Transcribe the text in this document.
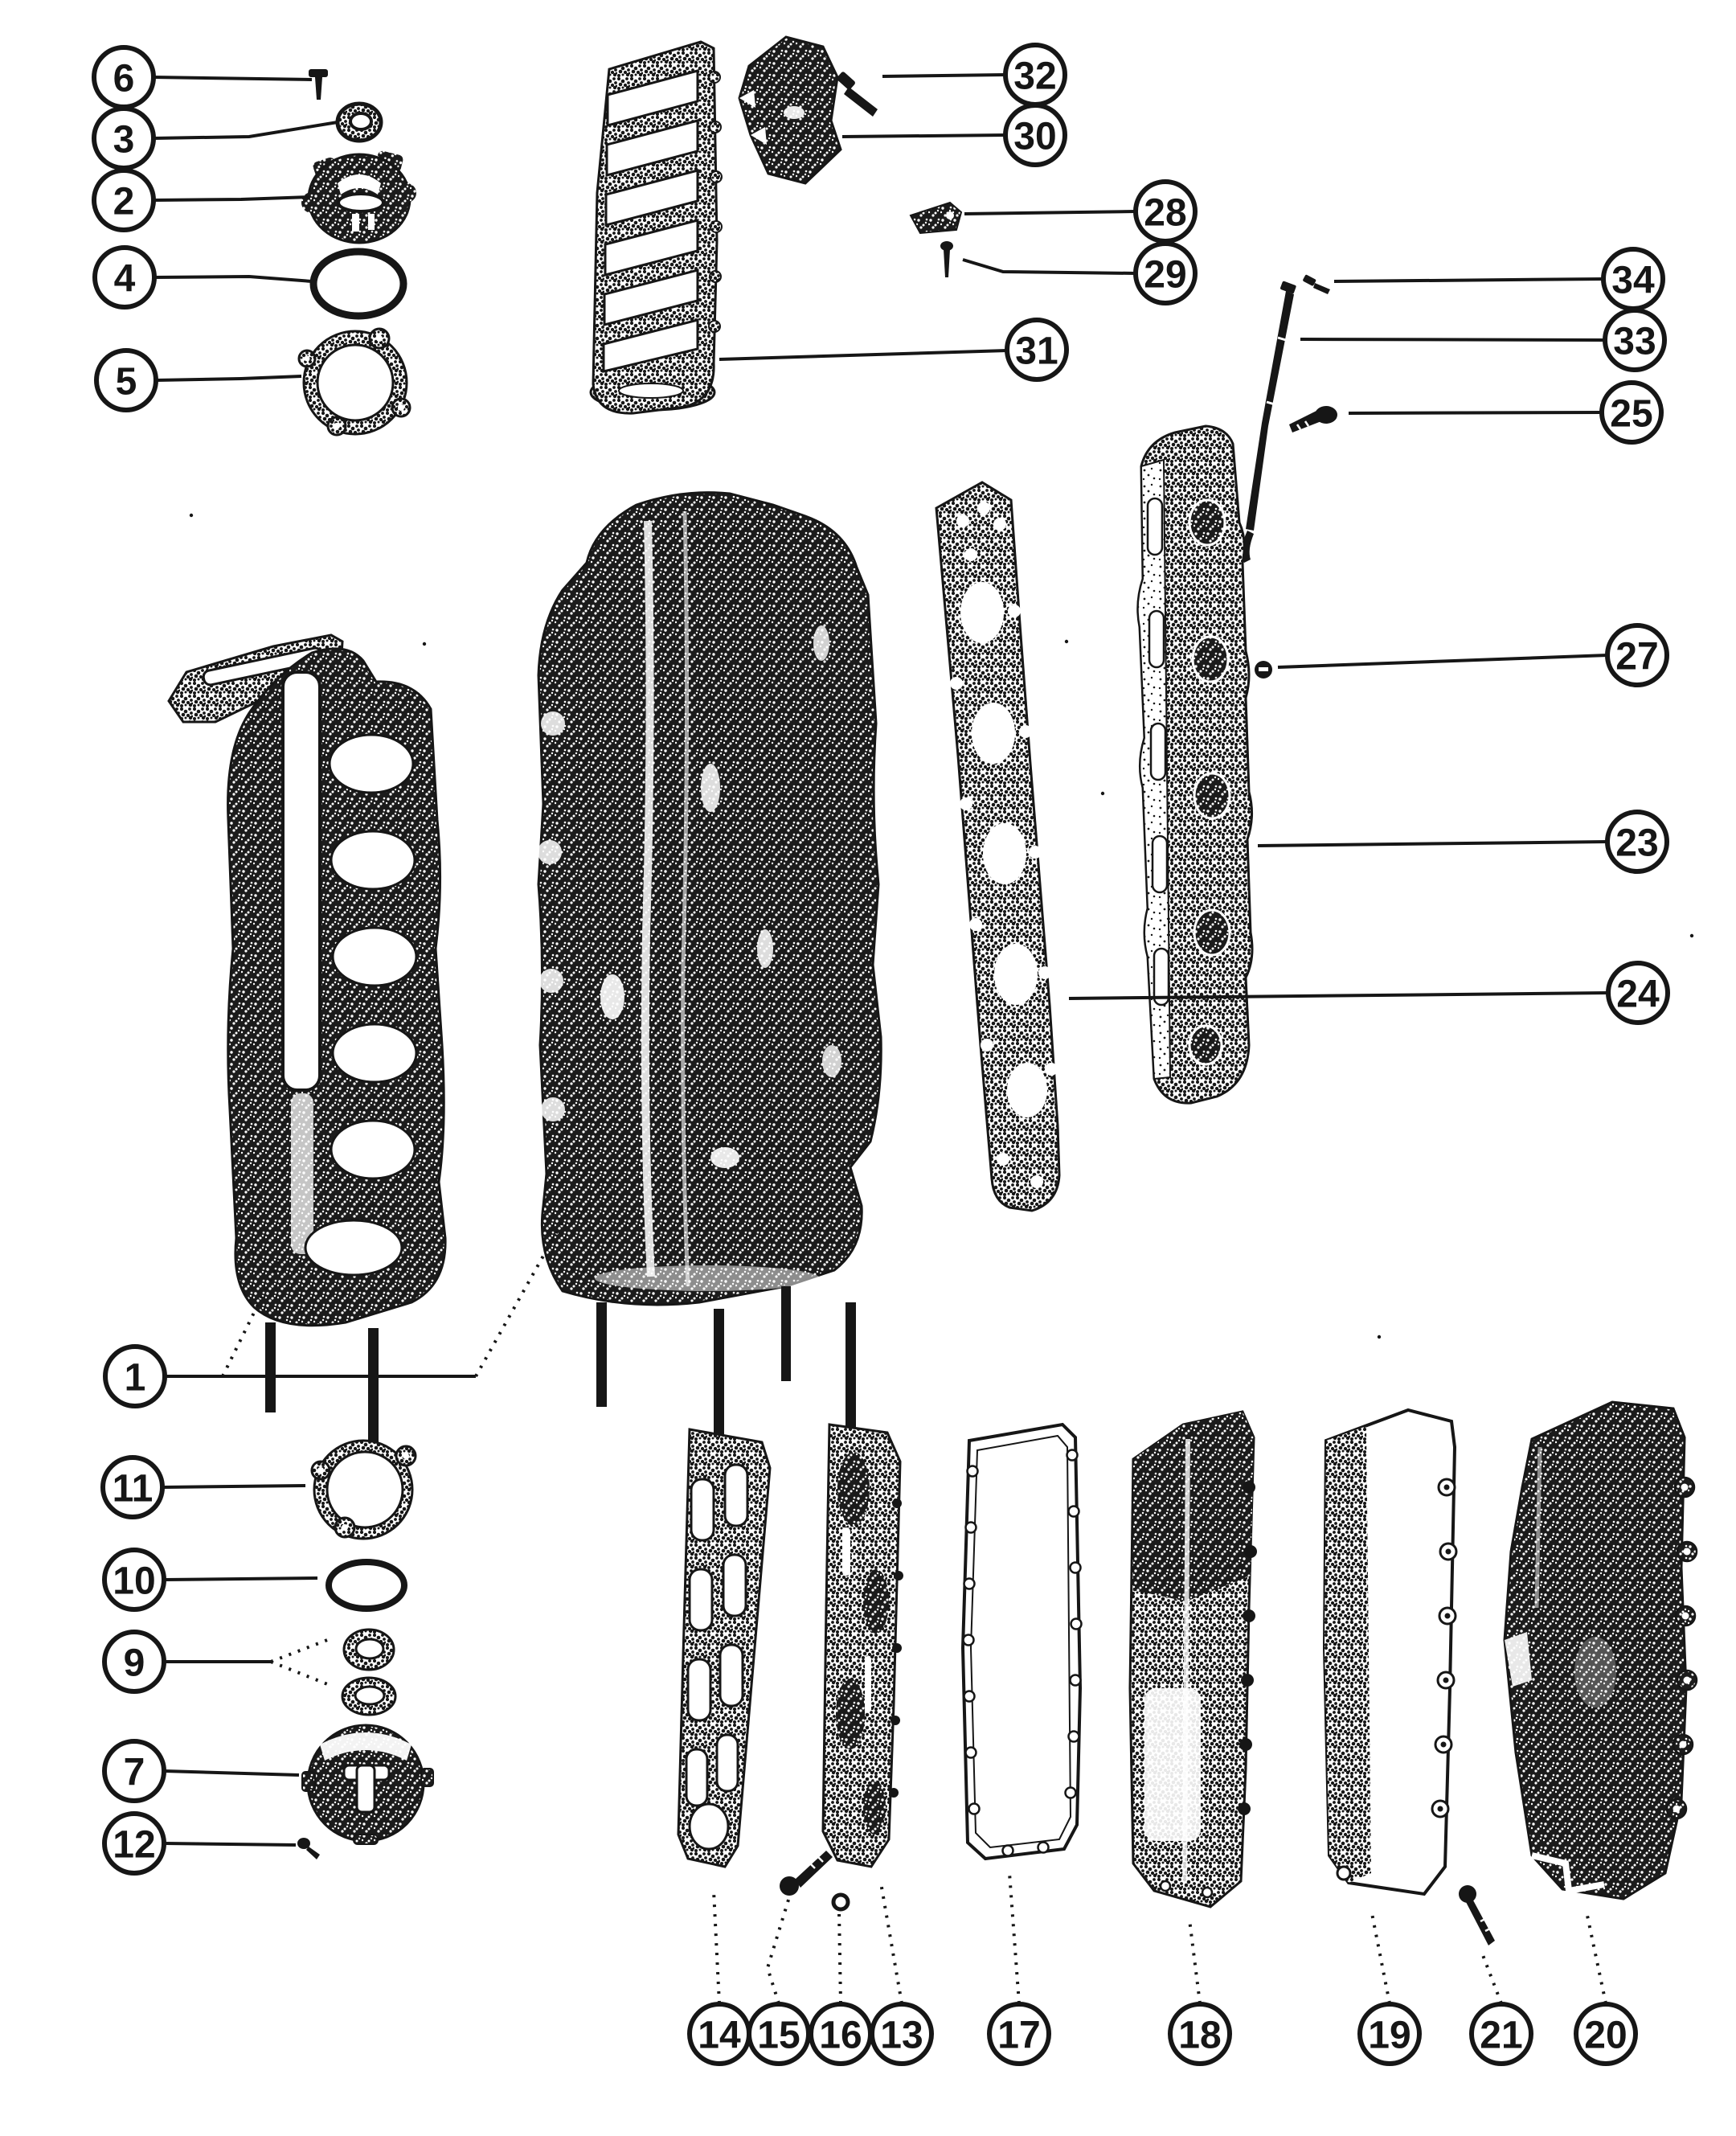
6
3
2
4
5
32
30
28
29
31
34
33
25
27
23
24
1
11
10
9
7
12
14 15 16 13 17	18	19 21 20
